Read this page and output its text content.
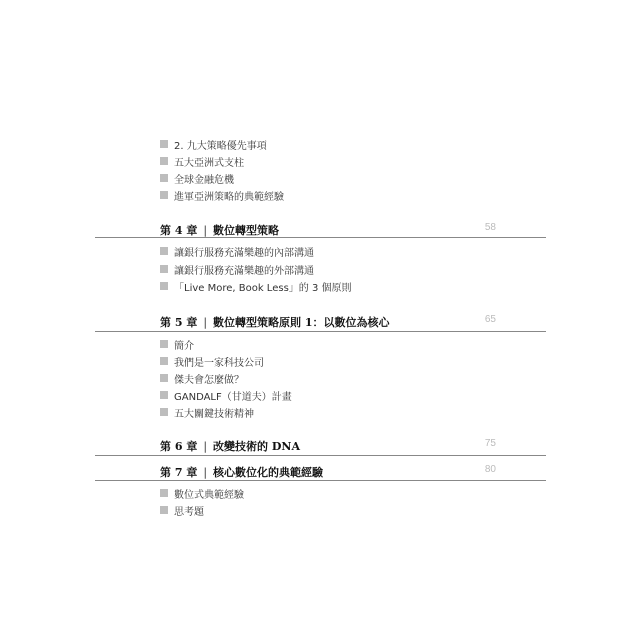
2. 九大策略優先事項
五大亞洲式支柱
全球金融危機
進軍亞洲策略的典範經驗
第 4 章 | 數位轉型策略	58
讓銀行服務充滿樂趣的內部溝通
讓銀行服務充滿樂趣的外部溝通
「Live More, Book Less」的 3 個原則
第 5 章 | 數位轉型策略原則 1：以數位為核心	65
簡介
我們是一家科技公司
傑夫會怎麼做？
GANDALF（甘道夫）計畫
五大關鍵技術精神
第 6 章 | 改變技術的 DNA	75
第 7 章 | 核心數位化的典範經驗	80
數位式典範經驗
思考題
